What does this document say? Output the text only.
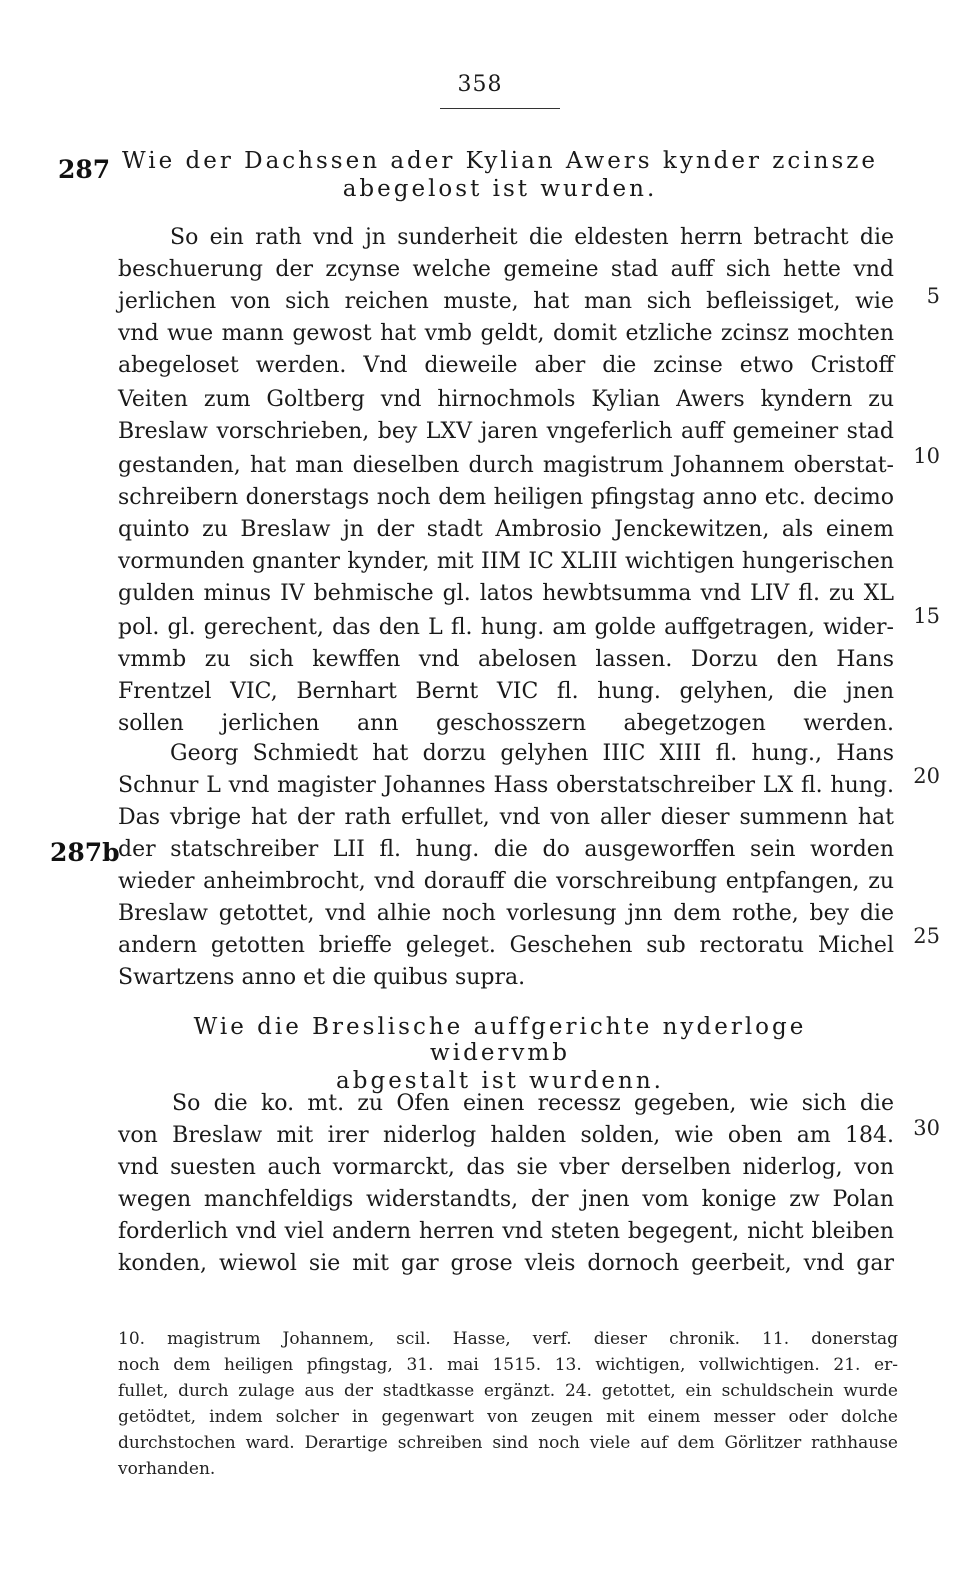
358
287 Wie der Dachssen ader Kylian Awers kynder zcinsze
abegelost ist wurden.
So ein rath vnd jn sunderheit die eldesten herrn betracht die
beschuerung der zcynse welche gemeine stad auff sich hette vnd
jerlichen von sich reichen muste, hat man sich befleissiget, wie
vnd wue mann gewost hat vmb geldt, domit etzliche zcinsz mochten
abegeloset werden. Vnd dieweile aber die zcinse etwo Cristoff
Veiten zum Goltberg vnd hirnochmols Kylian Awers kyndern zu
Breslaw vorschrieben, bey LXV jaren vngeferlich auff gemeiner stad
gestanden, hat man dieselben durch magistrum Johannem oberstat-
schreibern donerstags noch dem heiligen pfingstag anno etc. decimo
quinto zu Breslaw jn der stadt Ambrosio Jenckewitzen, als einem
vormunden gnanter kynder, mit IIM IC XLIII wichtigen hungerischen
gulden minus IV behmische gl. latos hewbtsumma vnd LIV fl. zu XL
pol. gl. gerechent, das den L fl. hung. am golde auffgetragen, wider-
vmmb zu sich kewffen vnd abelosen lassen. Dorzu den Hans
Frentzel VIC, Bernhart Bernt VIC fl. hung. gelyhen, die jnen
sollen jerlichen ann geschosszern abegetzogen werden.
Georg Schmiedt hat dorzu gelyhen IIIC XIII fl. hung., Hans
Schnur L vnd magister Johannes Hass oberstatschreiber LX fl. hung.
Das vbrige hat der rath erfullet, vnd von aller dieser summenn hat
der statschreiber LII fl. hung. die do ausgeworffen sein worden
wieder anheimbrocht, vnd dorauff die vorschreibung entpfangen, zu
Breslaw getottet, vnd alhie noch vorlesung jnn dem rothe, bey die
andern getotten brieffe geleget. Geschehen sub rectoratu Michel
Swartzens anno et die quibus supra.
287b
Wie die Breslische auffgerichte nyderloge widervmb
abgestalt ist wurdenn.
So die ko. mt. zu Ofen einen recessz gegeben, wie sich die
von Breslaw mit irer niderlog halden solden, wie oben am 184.
vnd suesten auch vormarckt, das sie vber derselben niderlog, von
wegen manchfeldigs widerstandts, der jnen vom konige zw Polan
forderlich vnd viel andern herren vnd steten begegent, nicht bleiben
konden, wiewol sie mit gar grose vleis dornoch geerbeit, vnd gar
5
10
15
20
25
30
10. magistrum Johannem, scil. Hasse, verf. dieser chronik. 11. donerstag
noch dem heiligen pfingstag, 31. mai 1515. 13. wichtigen, vollwichtigen. 21. er-
fullet, durch zulage aus der stadtkasse ergänzt. 24. getottet, ein schuldschein wurde
getödtet, indem solcher in gegenwart von zeugen mit einem messer oder dolche
durchstochen ward. Derartige schreiben sind noch viele auf dem Görlitzer rathhause
vorhanden.
